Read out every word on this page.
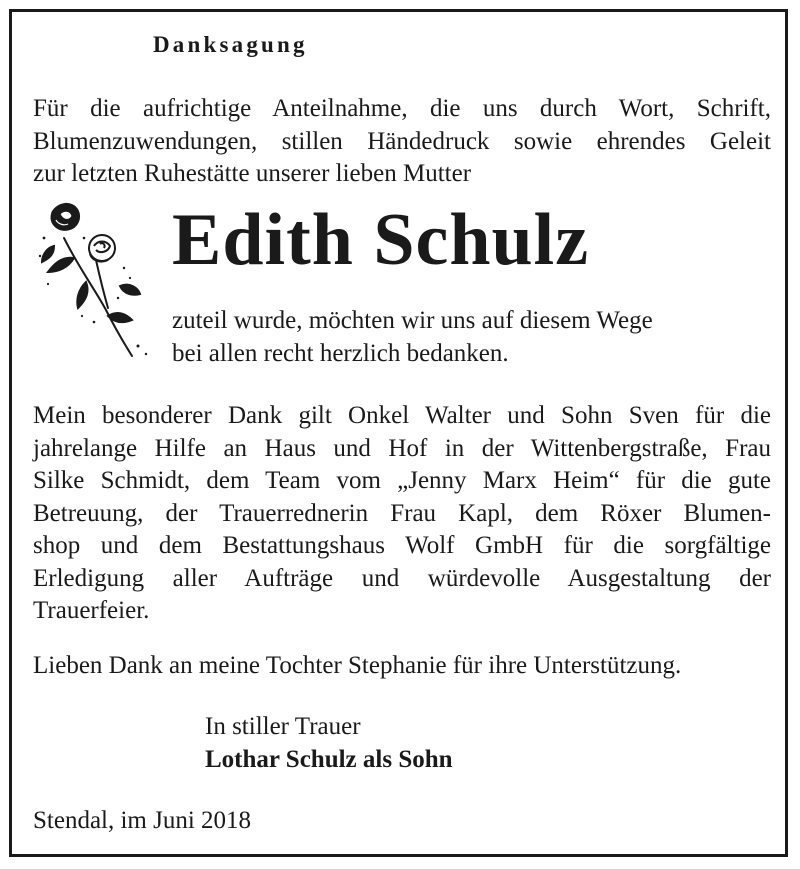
Danksagung

Für die aufrichtige Anteilnahme, die uns durch Wort, Schrift,
Blumenzuwendungen, stillen Händedruck sowie ehrendes Geleit
zur letzten Ruhestätte unserer lieben Mutter

Edith Schulz

zuteil wurde, möchten wir uns auf diesem Wege
bei allen recht herzlich bedanken.
Mein besonderer Dank gilt Onkel Walter und Sohn Sven für die
jahrelange Hilfe an Haus und Hof in der Wittenbergstraße, Frau
Silke Schmidt, dem Team vom „Jenny Marx Heim“ für die gute
Betreuung, der Trauerrednerin Frau Kapl, dem Röxer Blumen-
shop und dem Bestattungshaus Wolf GmbH für die sorgfältige
Erledigung aller Aufträge und würdevolle Ausgestaltung der
Trauerfeier.

Lieben Dank an meine Tochter Stephanie für ihre Unterstützung.

In stiller Trauer
Lothar Schulz als Sohn

Stendal, im Juni 2018
